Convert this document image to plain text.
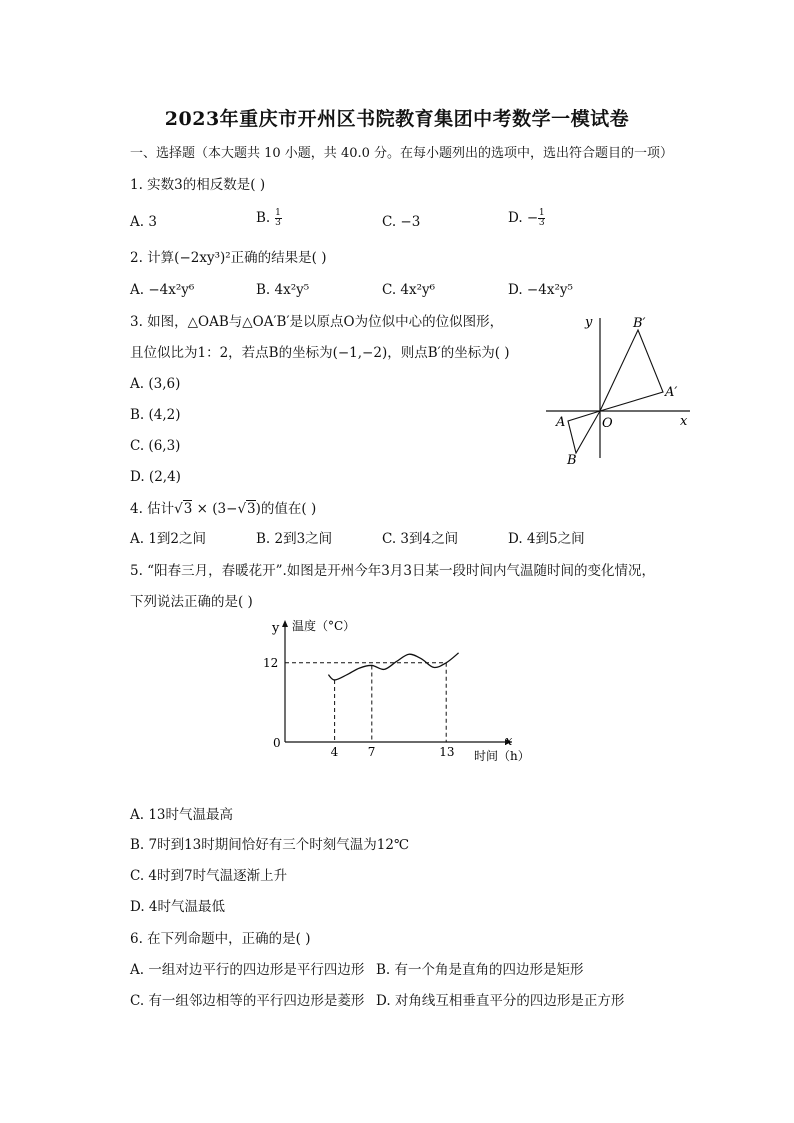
2023年重庆市开州区书院教育集团中考数学一模试卷
一、选择题（本大题共 10 小题，共 40.0 分。在每小题列出的选项中，选出符合题目的一项）
1. 实数3的相反数是( )
A. 3	B. $\frac{1}{3}$	C. −3	D. − $\frac{1}{3}$
2. 计算(−2xy³)²正确的结果是( )
A. −4x²y⁶	B. 4x²y⁵	C. 4x²y⁶	D. −4x²y⁵
3. 如图，△OAB与△OA′B′是以原点O为位似中心的位似图形，
且位似比为1：2，若点B的坐标为(−1,−2)，则点B′的坐标为( )
A. (3,6)
B. (4,2)
C. (6,3)
D. (2,4)
y
x
O
A
B
A′
B′
4. 估计√3 × (3−√3)的值在( )
A. 1到2之间	B. 2到3之间	C. 3到4之间	D. 4到5之间
5. “阳春三月，春暖花开”.如图是开州今年3月3日某一段时间内气温随时间的变化情况，
下列说法正确的是( )
y 温度（°C）
x
时间（h）
0
12
4 7	13
A. 13时气温最高
B. 7时到13时期间恰好有三个时刻气温为12℃
C. 4时到7时气温逐渐上升
D. 4时气温最低
6. 在下列命题中，正确的是( )
A. 一组对边平行的四边形是平行四边形 B. 有一个角是直角的四边形是矩形
C. 有一组邻边相等的平行四边形是菱形 D. 对角线互相垂直平分的四边形是正方形
